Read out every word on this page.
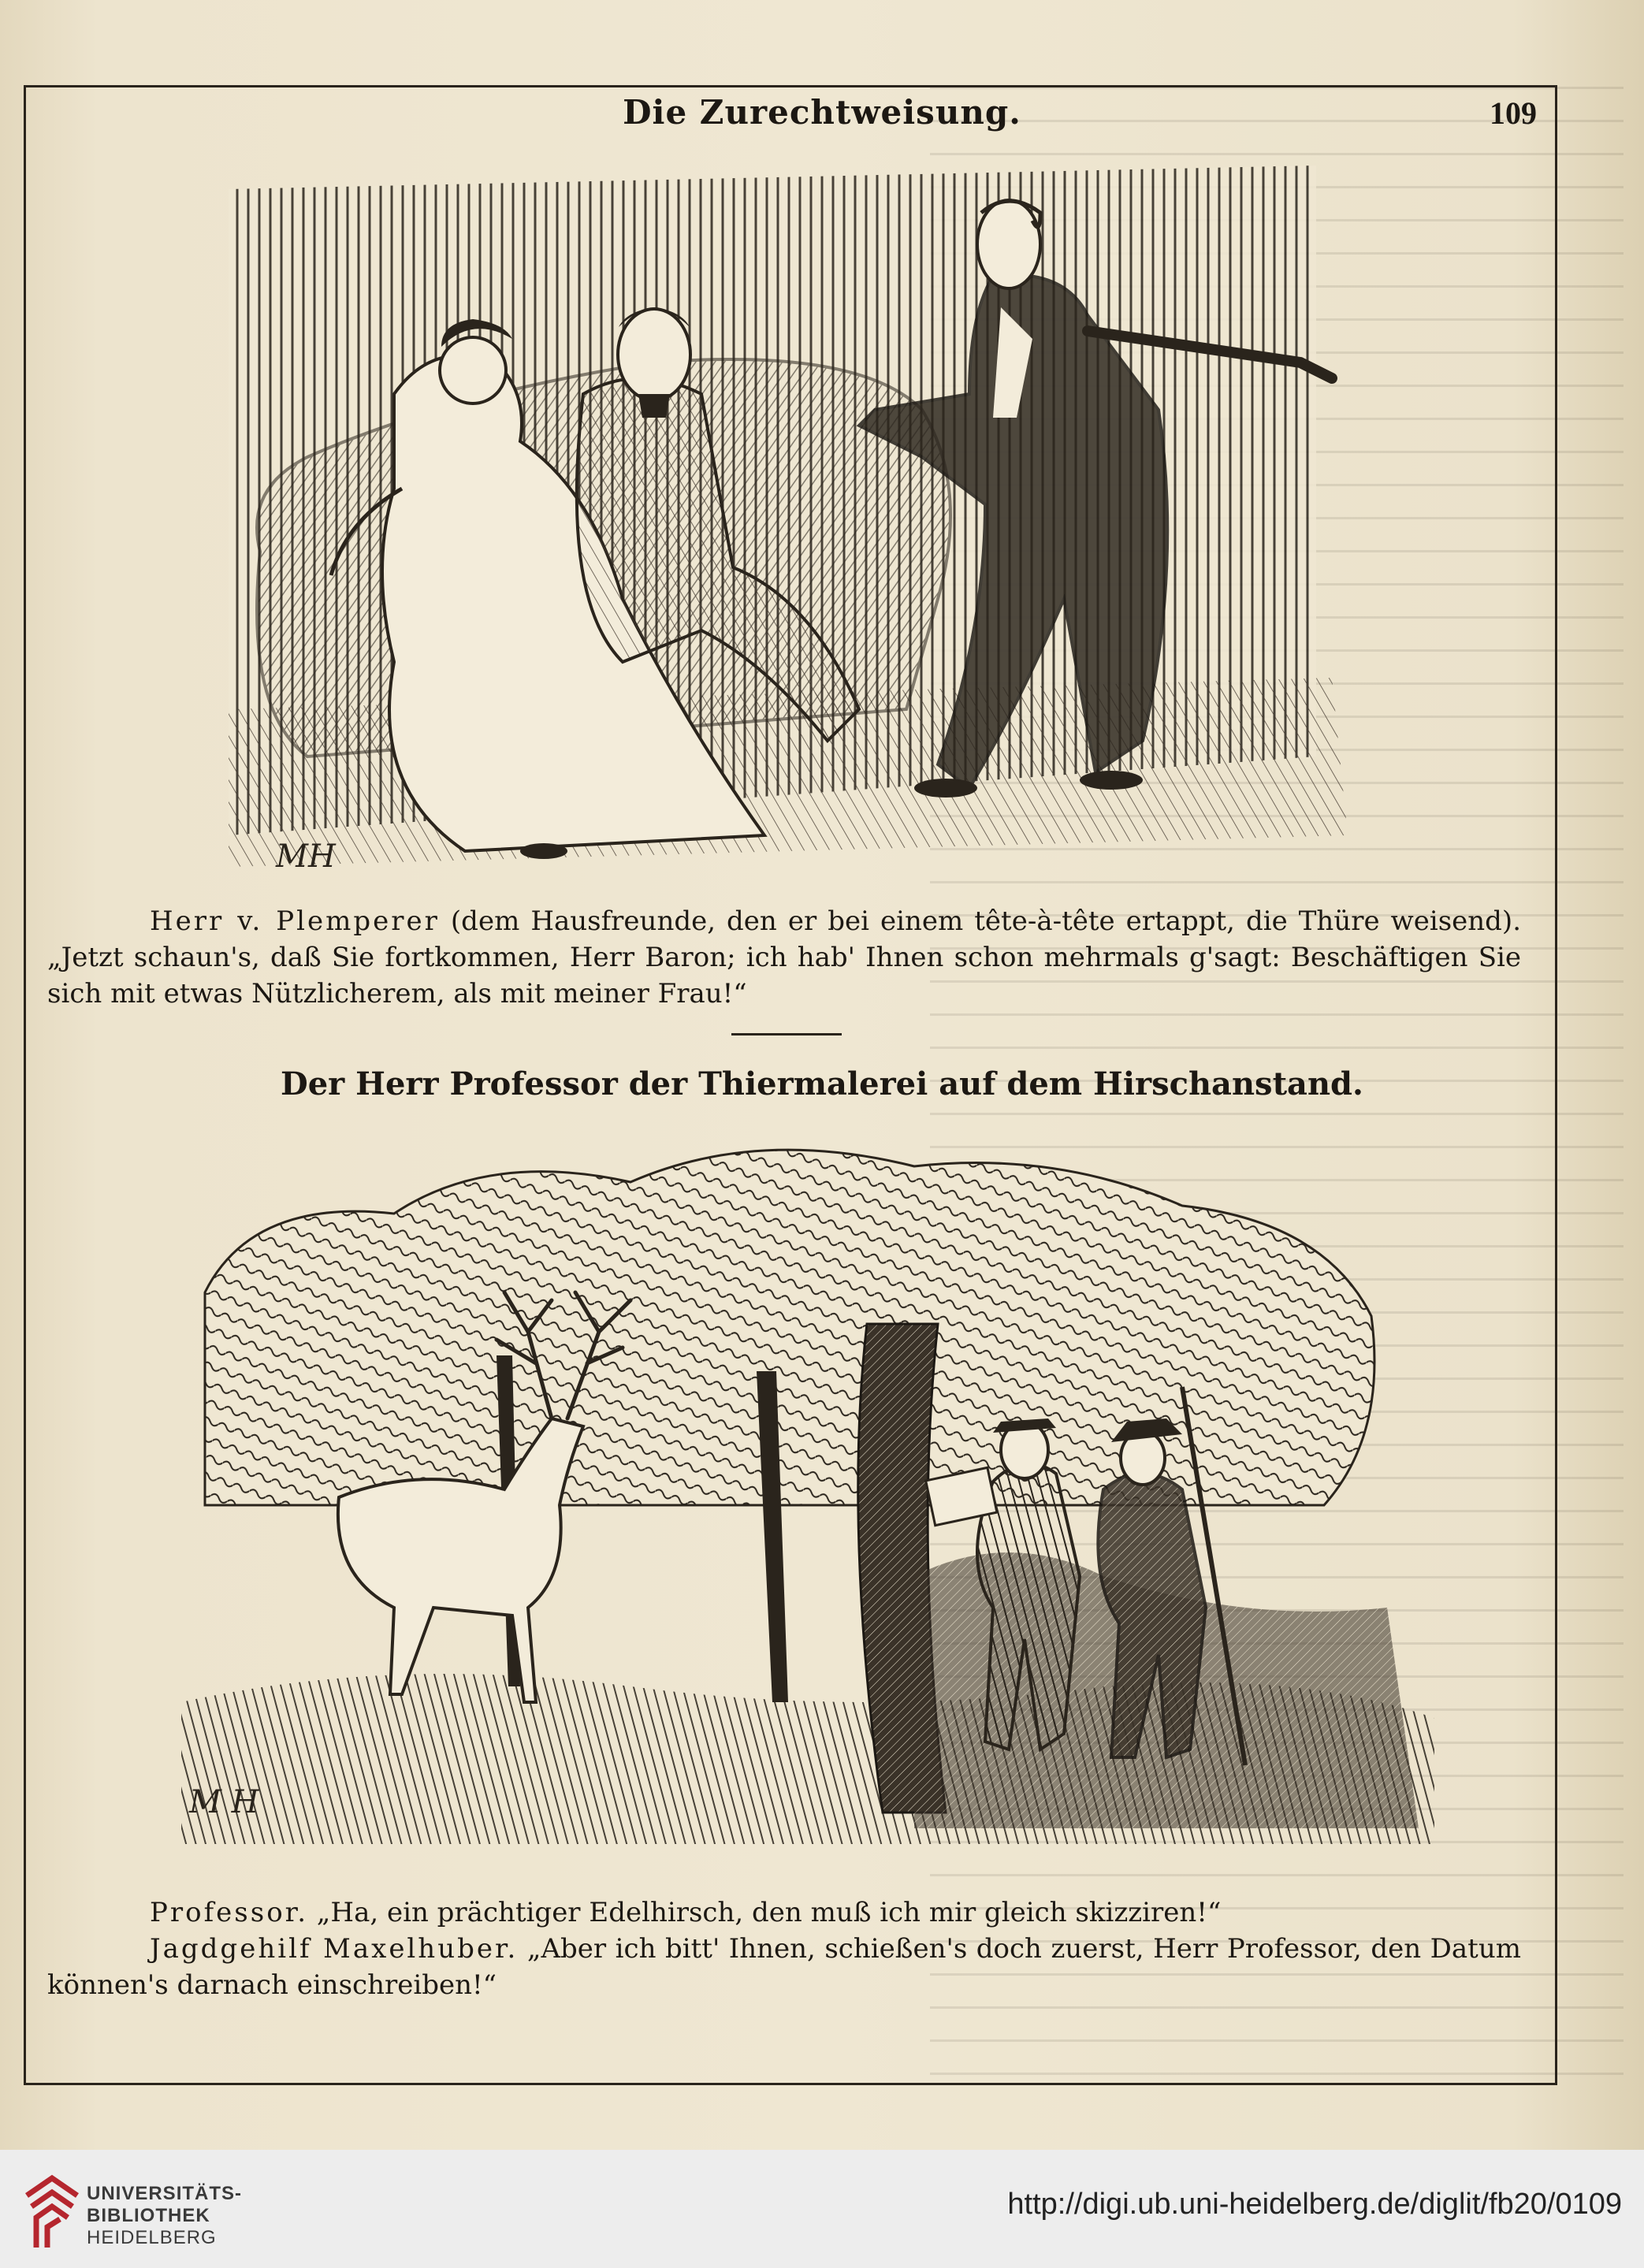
Die Zurechtweisung.	109
MH

Herr v. Plemperer (dem Hausfreunde, den er bei einem tête-à-tête ertappt, die Thüre weisend). „Jetzt schaun's, daß Sie fortkommen, Herr Baron; ich hab' Ihnen schon mehrmals g'sagt: Beschäftigen Sie sich mit etwas Nützlicherem, als mit meiner Frau!“

Der Herr Professor der Thiermalerei auf dem Hirschanstand.
M H

Professor. „Ha, ein prächtiger Edelhirsch, den muß ich mir gleich skizziren!“

Jagdgehilf Maxelhuber. „Aber ich bitt' Ihnen, schießen's doch zuerst, Herr Professor, den Datum können's darnach einschreiben!“

UNIVERSITÄTS-
BIBLIOTHEK
HEIDELBERG
http://digi.ub.uni-heidelberg.de/diglit/fb20/0109
